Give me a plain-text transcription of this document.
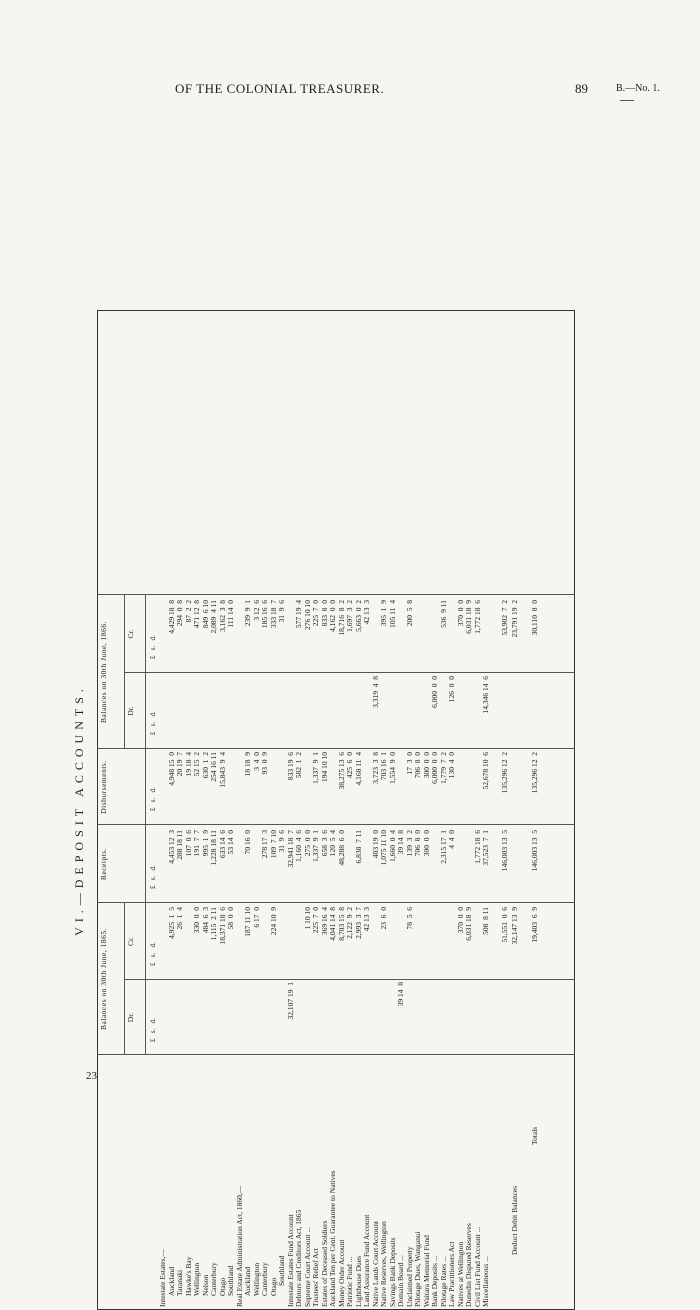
OF THE COLONIAL TREASURER.	89	B.—No. 1.
VI.—DEPOSIT ACCOUNTS.
Balances on 30th June, 1865.
Receipts.
Disbursements.
Balances on 30th June, 1866.
Dr.
Cr.
Dr.
Cr.
£   s.   d.
£   s.   d.
£   s.   d.
£   s.   d.
£   s.   d.
£   s.   d.
Intestate Estates,— Auckland
4,925  1  5
4,453 12  3
4,948 15  0
4,429 18  8
Taranaki
26  1  4
288 18 11
20 19  7
294  0  8
Hawke's Bay
107  0  6
19 18  4
87  2  2
Wellington
330  0  0
191  7  7
52 15  2
471 12  8
Nelson
484  6  3
995  1  9
630  1  2
849  6 10
Canterbury
1,115  2 11
1,228 18 11
254 16 11
2,089  4 11
Otago
18,371 18  6
633 14  6
15,843  9  4
3,162  3  8
Southland
58  0  0
53 14  0
111 14  0
Real Estate Administration Act, 1860,— Auckland
187 11 10
70 16  0
18 18  9
239  9  1
Wellington
6 17  0
3  4  0
3 12  6
Canterbury
278 17  3
93  0  9
185 16  6
Otago
224 10  9
109  7 10
333 18  7
Southland
31  9  6
31  9  6
Intestate Estates Fund Account
32,107 19  1
32,941 18  7
833 19  6
Debtors and Creditors Act, 1865
1,160  4  6
582  1  2
577 19  4
Supreme Court Account ...
1 10 10
275  0  0
276 10 10
Trustees' Relief Act
225  7  0
1,337  9  1
1,337  9  1
225  7  0
Estates of Deceased Soldiers
369 16  4
658  3  6
194 10 10
833  8  0
Auckland Ten per Cent. Guarantee to Natives
4,041 14  8
120  5  4
4,162  0  0
Money Order Account
8,703 15  8
48,288  6  0
38,275 13  6
18,716  8  2
Patriotic Fund ...
2,122  9  2
425  6  0
1,697  3  2
Lighthouse Dues
2,993  3  7
6,838  7 11
4,168 11  4
5,663  0  2
Land Assurance Fund Account
42 13  3
42 13  3
Native Lands Court Account
403 19  0
3,723  3  8
3,319  4  8
Native Reserves, Wellington
23  6  0
1,075 11 10
703 16  1
395  1  9
Savings Bank Deposits
1,660  0  4
1,554  9  0
105 11  4
Domain Board ...
39 14  8
39 14  8
Unclaimed Property
78  5  6
139  3  2
17  3  0
200  5  8
Pilotage Dues, Wanganui
706  8  0
706  8  0
Waitara Memorial Fund
300  0  0
300  0  0
Bank Deposits ...
6,000  0  0
6,000  0  0
Pilotage Rates ...
2,315 17  1
1,779  7  2
536  9 11
Law Practitioners Act
4  4  0
130  4  0
126  0  0
Natives at Wellington
370  0  0
370  0  0
Dunedin Disputed Reserves
6,031 18  9
6,031 18  9
Civil List Fund Account ...
1,772 18  6
1,772 18  6
Miscellaneous ...
508  8 11
37,523  7  1
52,678 10  6
14,346 14  6
51,551  0  6
146,003 13  5
135,296 12  2
53,902  7  2
Deduct Debit Balances
32,147 13  9
23,791 19  2
Totals
19,403  6  9
146,003 13  5
135,296 12  2
30,110  8  0
23
